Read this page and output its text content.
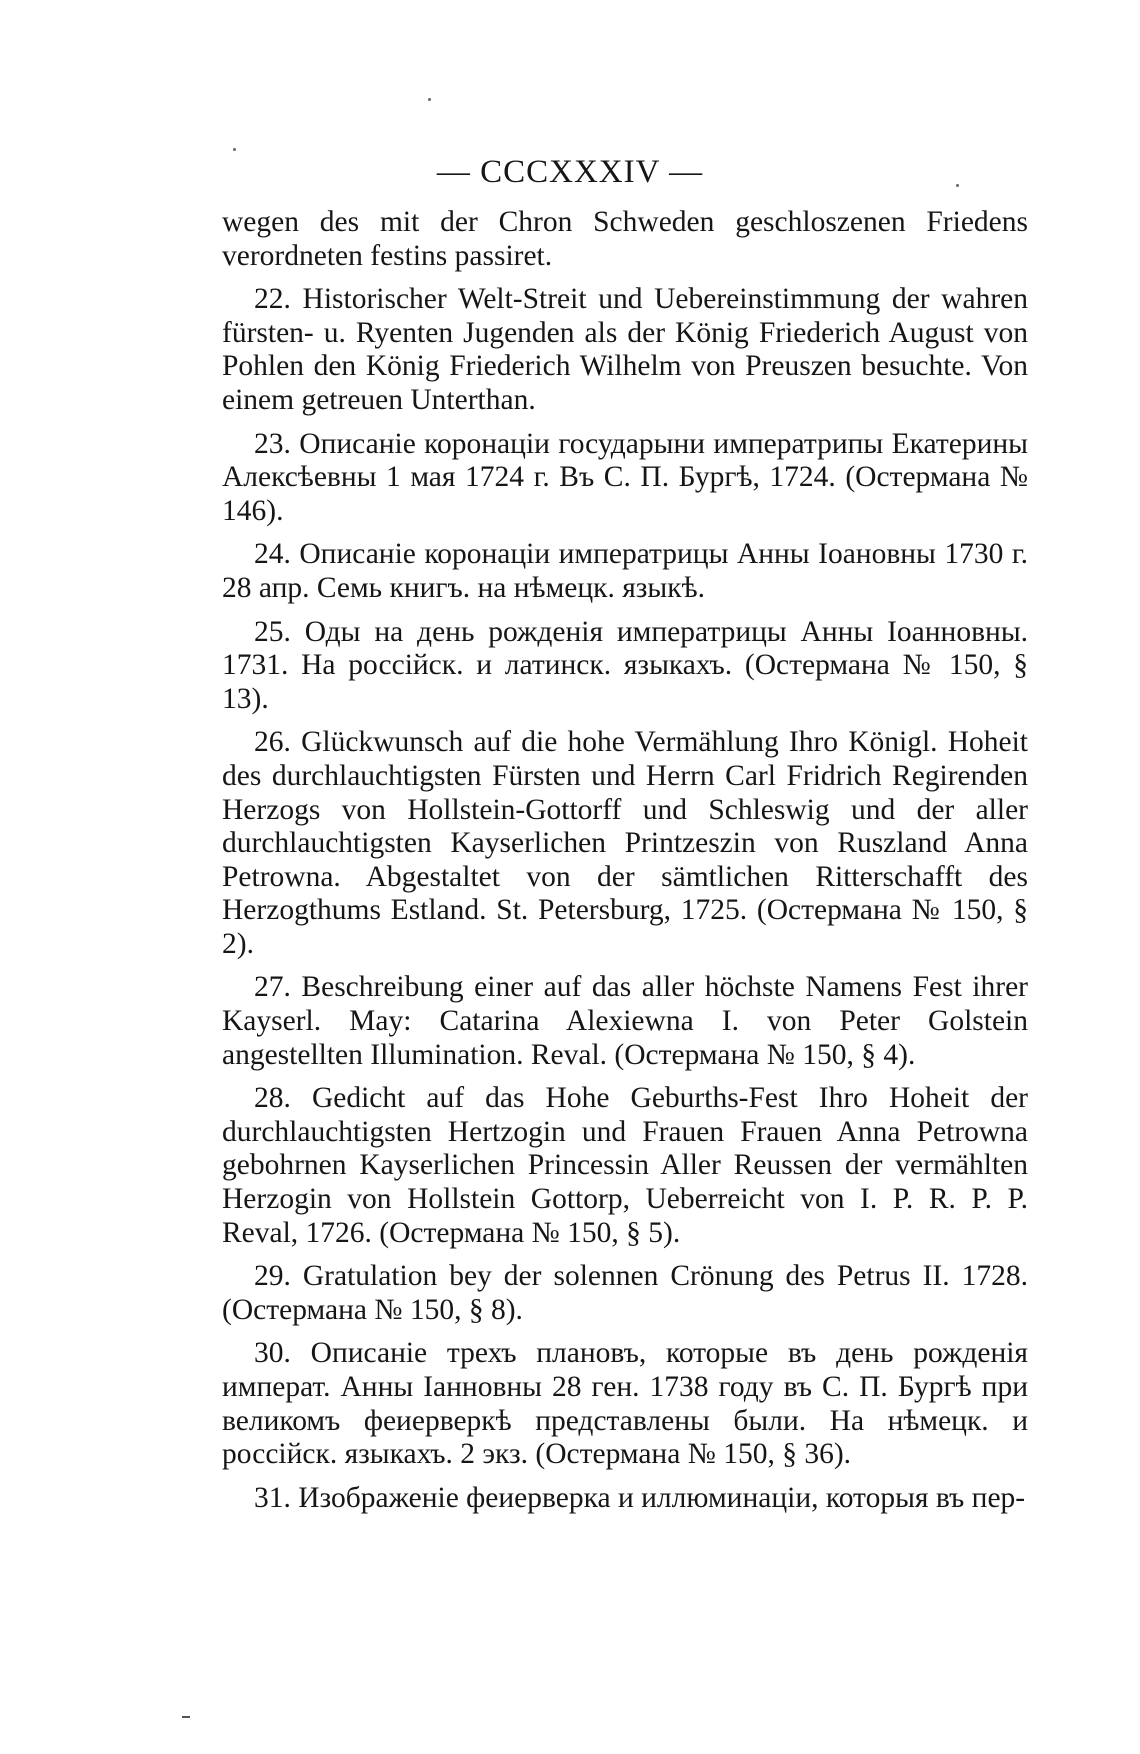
— CCCXXXIV —

wegen des mit der Chron Schweden geschloszenen Friedens verordneten festins passiret.

22. Historischer Welt-Streit und Uebereinstimmung der wahren fürsten- u. Ryenten Jugenden als der König Friederich August von Pohlen den König Friederich Wilhelm von Preuszen besuchte. Von einem getreuen Unterthan.

23. Описаніе коронаціи государыни императрипы Екатерины Алексѣевны 1 мая 1724 г. Въ С. П. Бургѣ, 1724. (Остермана № 146).

24. Описаніе коронаціи императрицы Анны Іоановны 1730 г. 28 апр. Семь книгъ. на нѣмецк. языкѣ.

25. Оды на день рожденія императрицы Анны Іоанновны. 1731. На россійск. и латинск. языкахъ. (Остермана № 150, § 13).

26. Glückwunsch auf die hohe Vermählung Ihro Königl. Hoheit des durchlauchtigsten Fürsten und Herrn Carl Fridrich Regirenden Herzogs von Hollstein-Gottorff und Schleswig und der aller durchlauchtigsten Kayserlichen Printzeszin von Ruszland Anna Petrowna. Abgestaltet von der sämtlichen Ritterschafft des Herzogthums Estland. St. Petersburg, 1725. (Остермана № 150, § 2).

27. Beschreibung einer auf das aller höchste Namens Fest ihrer Kayserl. May: Catarina Alexiewna I. von Peter Golstein angestellten Illumination. Reval. (Остермана № 150, § 4).

28. Gedicht auf das Hohe Geburths-Fest Ihro Hoheit der durchlauchtigsten Hertzogin und Frauen Frauen Anna Petrowna gebohrnen Kayserlichen Princessin Aller Reussen der vermählten Herzogin von Hollstein Gottorp, Ueberreicht von I. P. R. P. P. Reval, 1726. (Остермана № 150, § 5).

29. Gratulation bey der solennen Crönung des Petrus II. 1728. (Остермана № 150, § 8).

30. Описаніе трехъ плановъ, которые въ день рожденія императ. Анны Іанновны 28 ген. 1738 году въ С. П. Бургѣ при великомъ феиерверкѣ представлены были. На нѣмецк. и россійск. языкахъ. 2 экз. (Остермана № 150, § 36).

31. Изображеніе феиерверка и иллюминаціи, которыя въ пер-
